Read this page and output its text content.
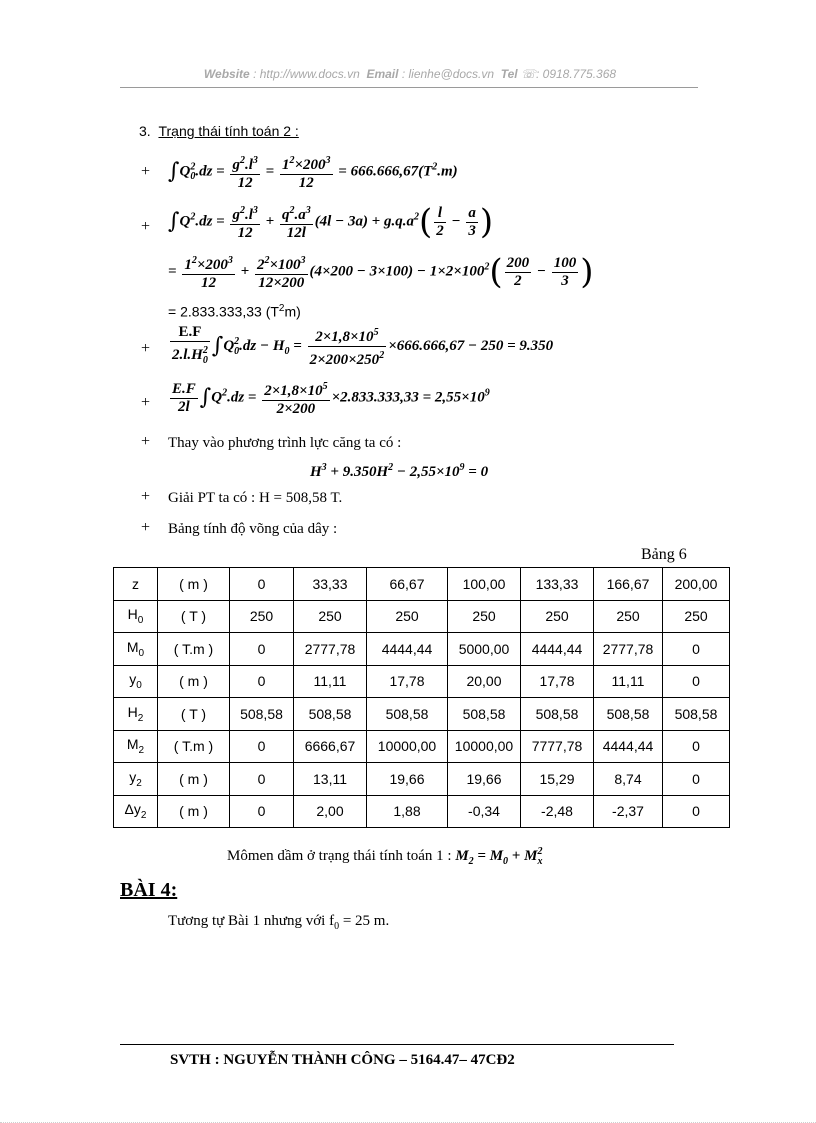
Website : http://www.docs.vn Email : lienhe@docs.vn Tel ☏: 0918.775.368
3. Trạng thái tính toán 2 :
+ $\int Q^2_0.dz = \frac{g^2.l^3}{12} = \frac{1^2\times 200^3}{12} = 666.666,67(T^2.m)$
+ $\int Q^2.dz = \frac{g^2.l^3}{12} + \frac{q^2.a^3}{12l} (4l - 3a) + g.q.a^2( \frac{l}{2} - \frac{a}{3}$ )
= $\frac{1^2\times 200^3}{12} + \frac{2^2\times 100^3}{12\times 200} (4\times 200 - 3\times 100) - 1\times 2\times 100^2( \frac{200}{2} - \frac{100}{3}$ )
= 2.833.333,33 $(T^2m)$
+ $\frac{E.F}{2.l.H_0^2} \int Q^2_0.dz - H_0 = \frac{2\times 1,8\times 10^5}{2\times 200\times 250^2} \times 666.666,67 - 250 = 9.350$
+ $\frac{E.F}{2l} \int Q^2.dz = \frac{2\times 1,8\times 10^5}{2\times 200} \times 2.833.333,33 = 2,55\times 10^9$
+ Thay vào phương trình lực căng ta có :
$H^3 + 9.350H^2 - 2,55\times 10^9 = 0$
+ Giải PT ta có : H = 508,58 T.
+ Bảng tính độ võng của dây :
Bảng 6
z	( m )	0	33,33	66,67	100,00	133,33	166,67	200,00
$H_0$	( T )	250	250	250	250	250	250	250
$M_0$	( T.m )	0	2777,78	4444,44	5000,00	4444,44	2777,78	0
$y_0$	( m )	0	11,11	17,78	20,00	17,78	11,11	0
$H_2$	( T )	508,58	508,58	508,58	508,58	508,58	508,58	508,58
$M_2$	( T.m )	0	6666,67	10000,00	10000,00	7777,78	4444,44	0
$y_2$	( m )	0	13,11	19,66	19,66	15,29	8,74	0
$\Delta y_2$	( m )	0	2,00	1,88	-0,34	-2,48	-2,37	0
Mômen dầm ở trạng thái tính toán 1 : $M_2 = M_0 + M^2_x$
BÀI 4:
Tương tự Bài 1 nhưng với $f_0 = 25$ m.
SVTH : NGUYỄN THÀNH CÔNG – 5164.47– 47CĐ2
